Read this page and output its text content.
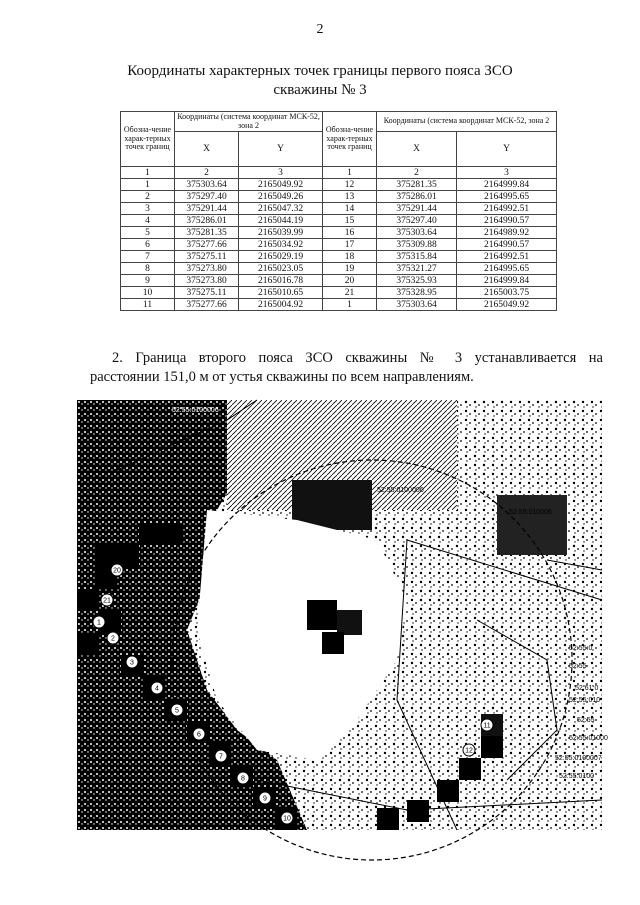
2
Координаты характерных точек границы первого пояса ЗСО
скважины № 3
Обозна-чение харак-терных точек границ	Координаты (система координат МСК-52, зона 2		Обозна-чение харак-терных точек границ	Координаты (система координат МСК-52, зона 2	
	X	Y		X	Y
1	2	3	1	2	3
1	375303.64	2165049.92	12	375281.35	2164999.84
2	375297.40	2165049.26	13	375286.01	2164995.65
3	375291.44	2165047.32	14	375291.44	2164992.51
4	375286.01	2165044.19	15	375297.40	2164990.57
5	375281.35	2165039.99	16	375303.64	2164989.92
6	375277.66	2165034.92	17	375309.88	2164990.57
7	375275.11	2165029.19	18	375315.84	2164992.51
8	375273.80	2165023.05	19	375321.27	2164995.65
9	375273.80	2165016.78	20	375325.93	2164999.84
10	375275.11	2165010.65	21	375328.95	2165003.75
11	375277.66	2165004.92	1	375303.64	2165049.92
2. Граница второго пояса ЗСО скважины № 3 устанавливается на
расстоянии 151,0 м от устья скважины по всем направлениям.
52:55:0100006
52:55:0100006
52:55:010006
52:55:0
52:55
52:61:0
52:55:010
52:55
52:55:01000
52:55:0100007
52:55:0100
20
21
1
2
3
4
5
6
7
8
9
10
11
12
